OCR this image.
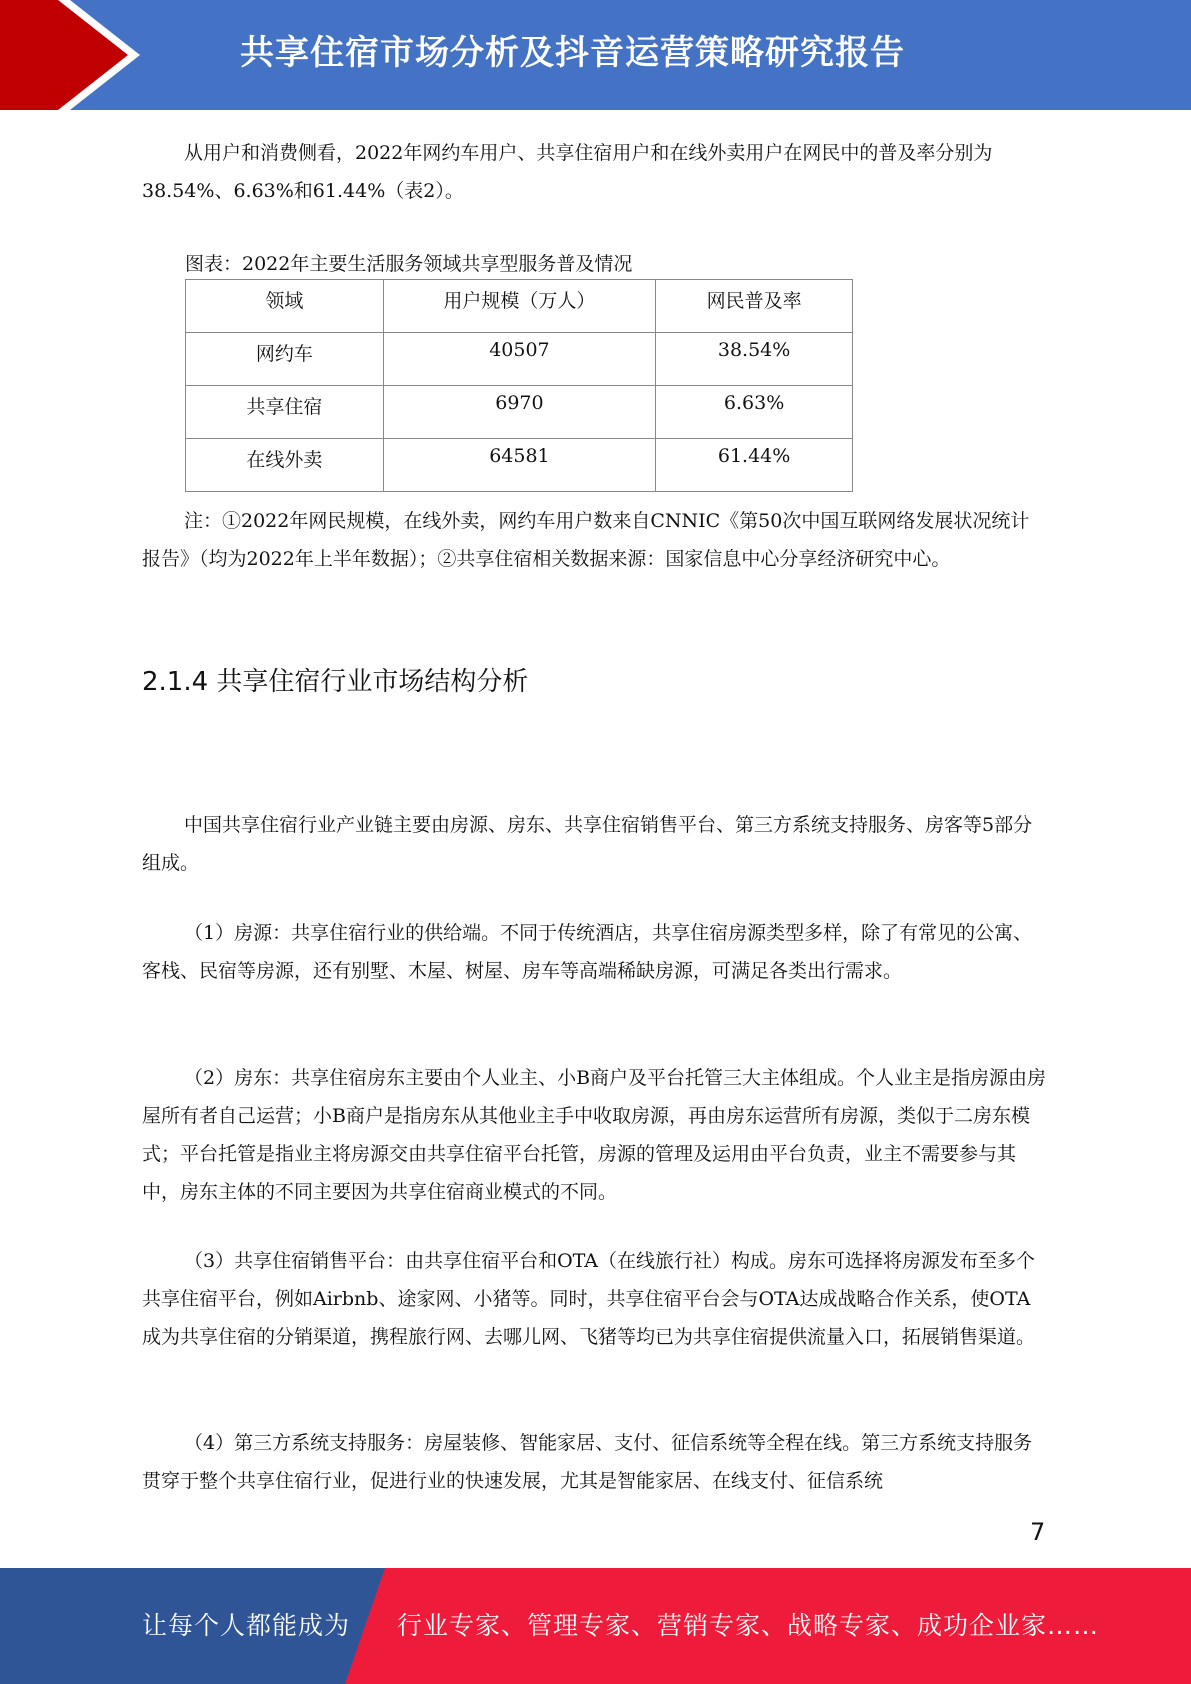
共享住宿市场分析及抖音运营策略研究报告

从用户和消费侧看，2022年网约车用户、共享住宿用户和在线外卖用户在网民中的普及率分别为38.54%、6.63%和61.44%（表2）。

图表：2022年主要生活服务领域共享型服务普及情况
领域	用户规模（万人）	网民普及率
网约车	40507	38.54%
共享住宿	6970	6.63%
在线外卖	64581	61.44%

注：①2022年网民规模，在线外卖，网约车用户数来自CNNIC《第50次中国互联网络发展状况统计报告》（均为2022年上半年数据）；②共享住宿相关数据来源：国家信息中心分享经济研究中心。

2.1.4 共享住宿行业市场结构分析

中国共享住宿行业产业链主要由房源、房东、共享住宿销售平台、第三方系统支持服务、房客等5部分组成。

（1）房源：共享住宿行业的供给端。不同于传统酒店，共享住宿房源类型多样，除了有常见的公寓、客栈、民宿等房源，还有别墅、木屋、树屋、房车等高端稀缺房源，可满足各类出行需求。

（2）房东：共享住宿房东主要由个人业主、小B商户及平台托管三大主体组成。个人业主是指房源由房屋所有者自己运营；小B商户是指房东从其他业主手中收取房源，再由房东运营所有房源，类似于二房东模式；平台托管是指业主将房源交由共享住宿平台托管，房源的管理及运用由平台负责，业主不需要参与其中，房东主体的不同主要因为共享住宿商业模式的不同。

（3）共享住宿销售平台：由共享住宿平台和OTA（在线旅行社）构成。房东可选择将房源发布至多个共享住宿平台，例如Airbnb、途家网、小猪等。同时，共享住宿平台会与OTA达成战略合作关系，使OTA成为共享住宿的分销渠道，携程旅行网、去哪儿网、飞猪等均已为共享住宿提供流量入口，拓展销售渠道。

（4）第三方系统支持服务：房屋装修、智能家居、支付、征信系统等全程在线。第三方系统支持服务贯穿于整个共享住宿行业，促进行业的快速发展，尤其是智能家居、在线支付、征信系统

7
让每个人都能成为 行业专家、管理专家、营销专家、战略专家、成功企业家……
